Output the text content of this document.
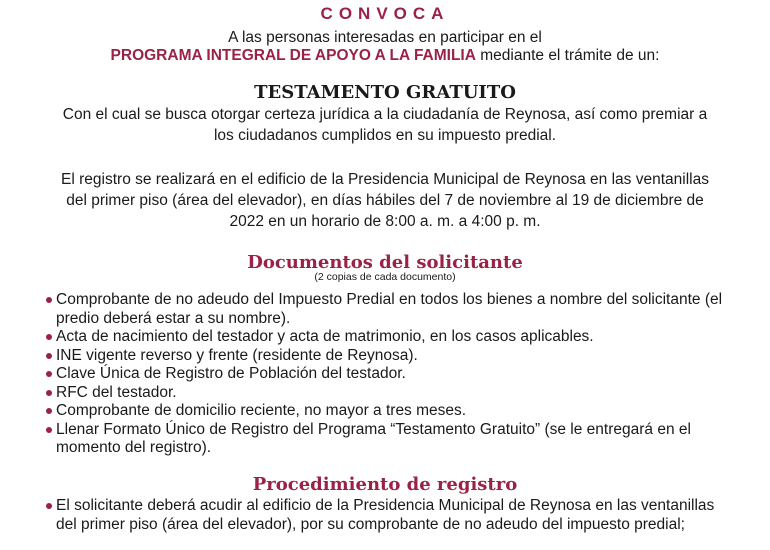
CONVOCA
A las personas interesadas en participar en el
PROGRAMA INTEGRAL DE APOYO A LA FAMILIA mediante el trámite de un:
TESTAMENTO GRATUITO
Con el cual se busca otorgar certeza jurídica a la ciudadanía de Reynosa, así como premiar a
los ciudadanos cumplidos en su impuesto predial.
El registro se realizará en el edificio de la Presidencia Municipal de Reynosa en las ventanillas
del primer piso (área del elevador), en días hábiles del 7 de noviembre al 19 de diciembre de
2022 en un horario de 8:00 a. m. a 4:00 p. m.
Documentos del solicitante
(2 copias de cada documento)
Comprobante de no adeudo del Impuesto Predial en todos los bienes a nombre del solicitante (el predio deberá estar a su nombre).
Acta de nacimiento del testador y acta de matrimonio, en los casos aplicables.
INE vigente reverso y frente (residente de Reynosa).
Clave Única de Registro de Población del testador.
RFC del testador.
Comprobante de domicilio reciente, no mayor a tres meses.
Llenar Formato Único de Registro del Programa “Testamento Gratuito” (se le entregará en el momento del registro).
Procedimiento de registro
El solicitante deberá acudir al edificio de la Presidencia Municipal de Reynosa en las ventanillas del primer piso (área del elevador), por su comprobante de no adeudo del impuesto predial;
